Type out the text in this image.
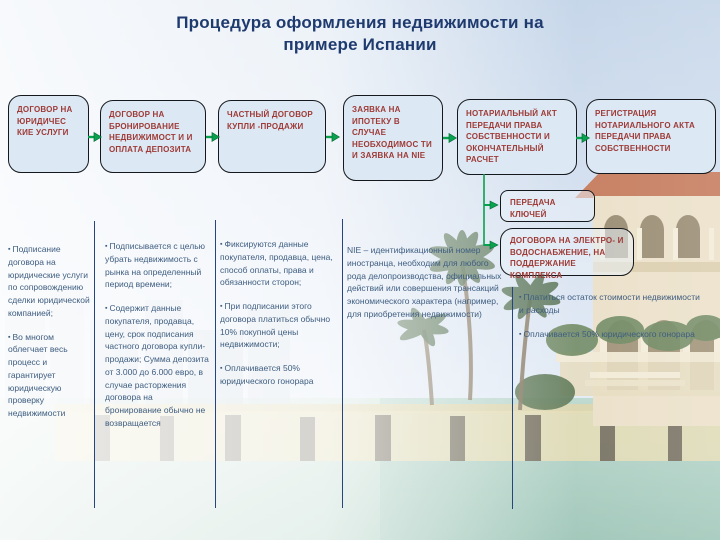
Процедура оформления недвижимости на примере Испании
ДОГОВОР НА ЮРИДИЧЕС КИЕ УСЛУГИ
ДОГОВОР НА БРОНИРОВАНИЕ НЕДВИЖИМОСТ И И ОПЛАТА ДЕПОЗИТА
ЧАСТНЫЙ ДОГОВОР КУПЛИ -ПРОДАЖИ
ЗАЯВКА НА ИПОТЕКУ В СЛУЧАЕ НЕОБХОДИМОС ТИ И ЗАЯВКА НА NIE
НОТАРИАЛЬНЫЙ АКТ ПЕРЕДАЧИ ПРАВА СОБСТВЕННОСТИ И ОКОНЧАТЕЛЬНЫЙ РАСЧЕТ
РЕГИСТРАЦИЯ НОТАРИАЛЬНОГО АКТА ПЕРЕДАЧИ ПРАВА СОБСТВЕННОСТИ
ПЕРЕДАЧА КЛЮЧЕЙ
ДОГОВОРА НА ЭЛЕКТРО- И ВОДОСНАБЖЕНИЕ, НА ПОДДЕРЖАНИЕ КОМПЛЕКСА

▪ Подписание договора на юридические услуги по сопровождению сделки юридической компанией;

▪ Во многом облегчает весь процесс и гарантирует юридическую проверку недвижимости

▪ Подписывается с целью убрать недвижимость с рынка на определенный период времени;

▪ Содержит данные покупателя, продавца, цену, срок подписания частного договора купли-продажи; Сумма депозита от 3.000 до 6.000 евро, в случае расторжения договора на бронирование обычно не возвращается

▪ Фиксируются данные покупателя, продавца, цена, способ оплаты, права и обязанности сторон;

▪ При подписании этого договора платиться обычно 10% покупной цены недвижимости;

▪ Оплачивается 50% юридического гонорара

NIE – идентификационный номер иностранца, необходим для любого рода делопроизводства, официальных действий или совершения трансакций экономического характера (например, для приобретения недвижимости)

▪ Платиться остаток стоимости недвижимости и расходы

▪ Оплачивается 50% юридического гонорара
